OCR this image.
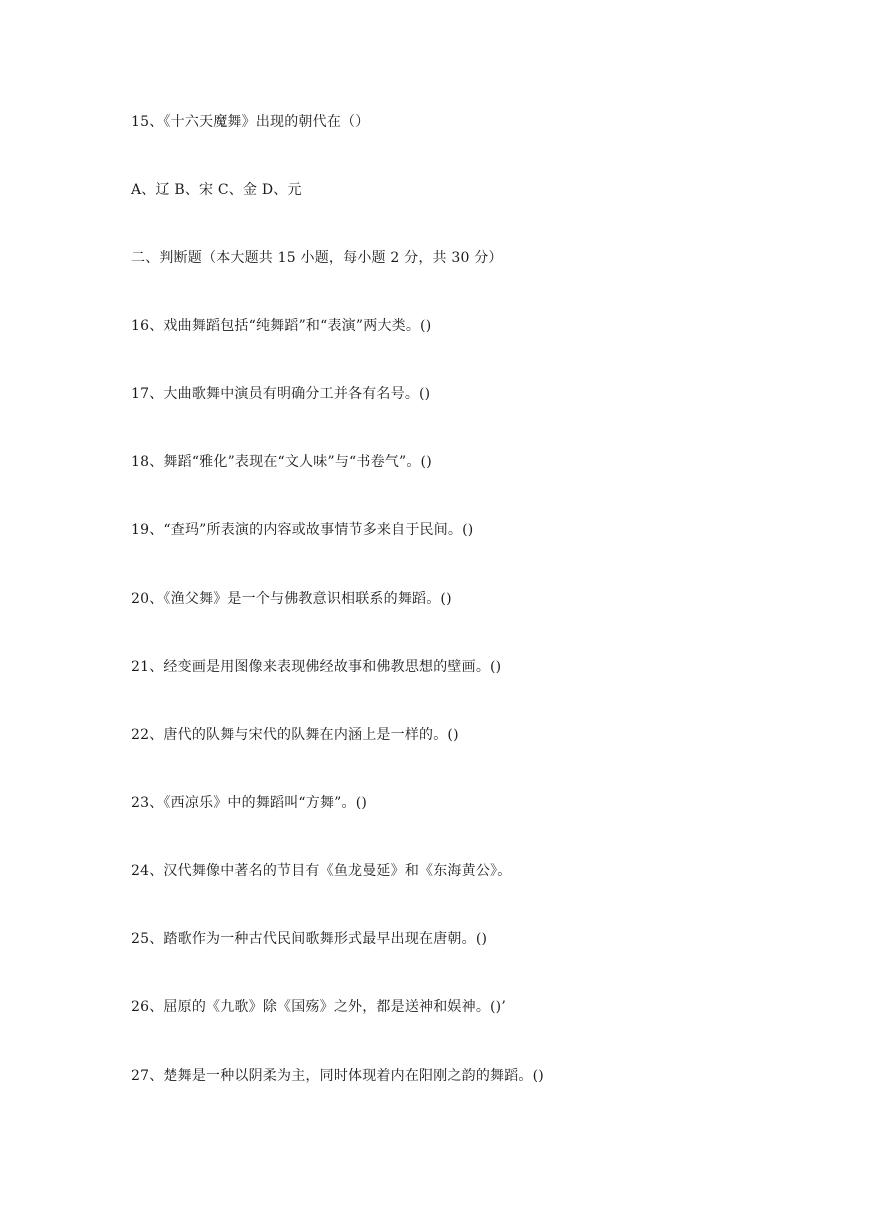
15、《十六天魔舞》出现的朝代在（）
A、辽 B、宋 C、金 D、元
二、判断题（本大题共 15 小题，每小题 2 分，共 30 分）
16、戏曲舞蹈包括“纯舞蹈”和“表演”两大类。()
17、大曲歌舞中演员有明确分工并各有名号。()
18、舞蹈“雅化”表现在“文人味”与“书卷气”。()
19、“查玛”所表演的内容或故事情节多来自于民间。()
20、《渔父舞》是一个与佛教意识相联系的舞蹈。()
21、经变画是用图像来表现佛经故事和佛教思想的壁画。()
22、唐代的队舞与宋代的队舞在内涵上是一样的。()
23、《西凉乐》中的舞蹈叫“方舞”。()
24、汉代舞像中著名的节目有《鱼龙曼延》和《东海黄公》。
25、踏歌作为一种古代民间歌舞形式最早出现在唐朝。()
26、屈原的《九歌》除《国殇》之外，都是送神和娱神。()’
27、楚舞是一种以阴柔为主，同时体现着内在阳刚之韵的舞蹈。()
